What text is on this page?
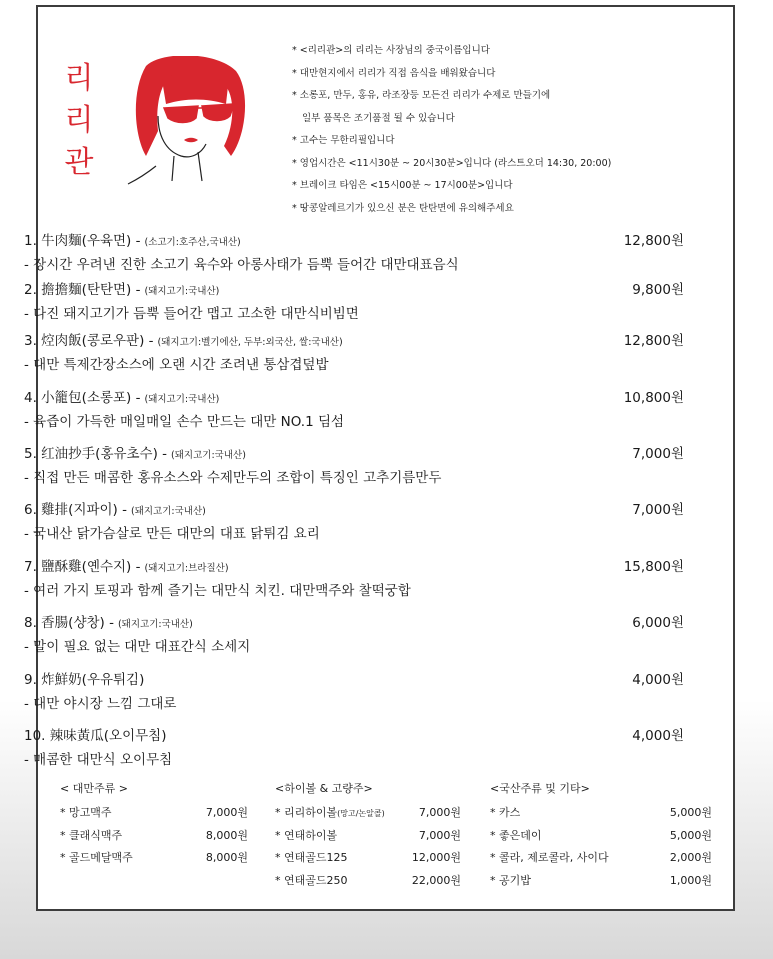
리
리
관
* <리리관>의 리리는 사장님의 중국이름입니다
* 대만현지에서 리리가 직접 음식을 배워왔습니다
* 소롱포, 만두, 홍유, 라조장등 모든건 리리가 수제로 만들기에
일부 품목은 조기품절 될 수 있습니다
* 고수는 무한리필입니다
* 영업시간은 <11시30분 ~ 20시30분>입니다 (라스트오더 14:30, 20:00)
* 브레이크 타임은 <15시00분 ~ 17시00분>입니다
* 땅콩알레르기가 있으신 분은 탄탄면에 유의해주세요
1. 牛肉麵(우육면) - (소고기:호주산,국내산)	12,800원
- 장시간 우려낸 진한 소고기 육수와 아롱사태가 듬뿍 들어간 대만대표음식
2. 擔擔麵(탄탄면) - (돼지고기:국내산)	9,800원
- 다진 돼지고기가 듬뿍 들어간 맵고 고소한 대만식비빔면
3. 焢肉飯(콩로우판) - (돼지고기:벨기에산, 두부:외국산, 쌀:국내산)	12,800원
- 대만 특제간장소스에 오랜 시간 조려낸 통삼겹덮밥
4. 小籠包(소롱포) - (돼지고기:국내산)	10,800원
- 육즙이 가득한 매일매일 손수 만드는 대만 NO.1 딤섬
5. 红油抄手(홍유초수) - (돼지고기:국내산)	7,000원
- 직접 만든 매콤한 홍유소스와 수제만두의 조합이 특징인 고추기름만두
6. 雞排(지파이) - (돼지고기:국내산)	7,000원
- 국내산 닭가슴살로 만든 대만의 대표 닭튀김 요리
7. 鹽酥雞(옌수지) - (돼지고기:브라질산)	15,800원
- 여러 가지 토핑과 함께 즐기는 대만식 치킨. 대만맥주와 찰떡궁합
8. 香腸(샹창) - (돼지고기:국내산)	6,000원
- 말이 필요 없는 대만 대표간식 소세지
9. 炸鮮奶(우유튀김)	4,000원
- 대만 야시장 느낌 그대로
10. 辣味黃瓜(오이무침)	4,000원
- 매콤한 대만식 오이무침
< 대만주류 >
* 망고맥주	7,000원
* 클래식맥주	8,000원
* 골드메달맥주	8,000원
<하이볼 & 고량주>
* 리리하이볼(망고/논알콜)	7,000원
* 연태하이볼	7,000원
* 연태골드125	12,000원
* 연태골드250	22,000원
<국산주류 및 기타>
* 카스	5,000원
* 좋은데이	5,000원
* 콜라, 제로콜라, 사이다	2,000원
* 공기밥	1,000원
